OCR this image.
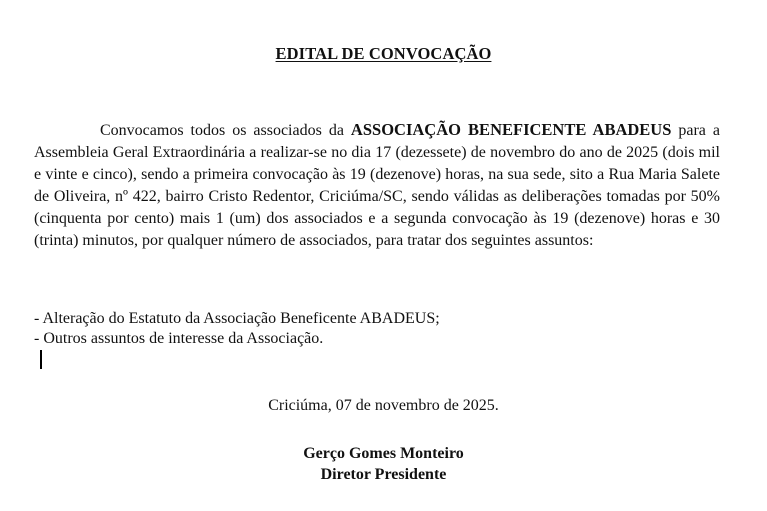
EDITAL DE CONVOCAÇÃO
Convocamos todos os associados da ASSOCIAÇÃO BENEFICENTE ABADEUS para a Assembleia Geral Extraordinária a realizar-se no dia 17 (dezessete) de novembro do ano de 2025 (dois mil e vinte e cinco), sendo a primeira convocação às 19 (dezenove) horas, na sua sede, sito a Rua Maria Salete de Oliveira, nº 422, bairro Cristo Redentor, Criciúma/SC, sendo válidas as deliberações tomadas por 50% (cinquenta por cento) mais 1 (um) dos associados e a segunda convocação às 19 (dezenove) horas e 30 (trinta) minutos, por qualquer número de associados, para tratar dos seguintes assuntos:
- Alteração do Estatuto da Associação Beneficente ABADEUS;
- Outros assuntos de interesse da Associação.
Criciúma, 07 de novembro de 2025.
Gerço Gomes Monteiro
Diretor Presidente
